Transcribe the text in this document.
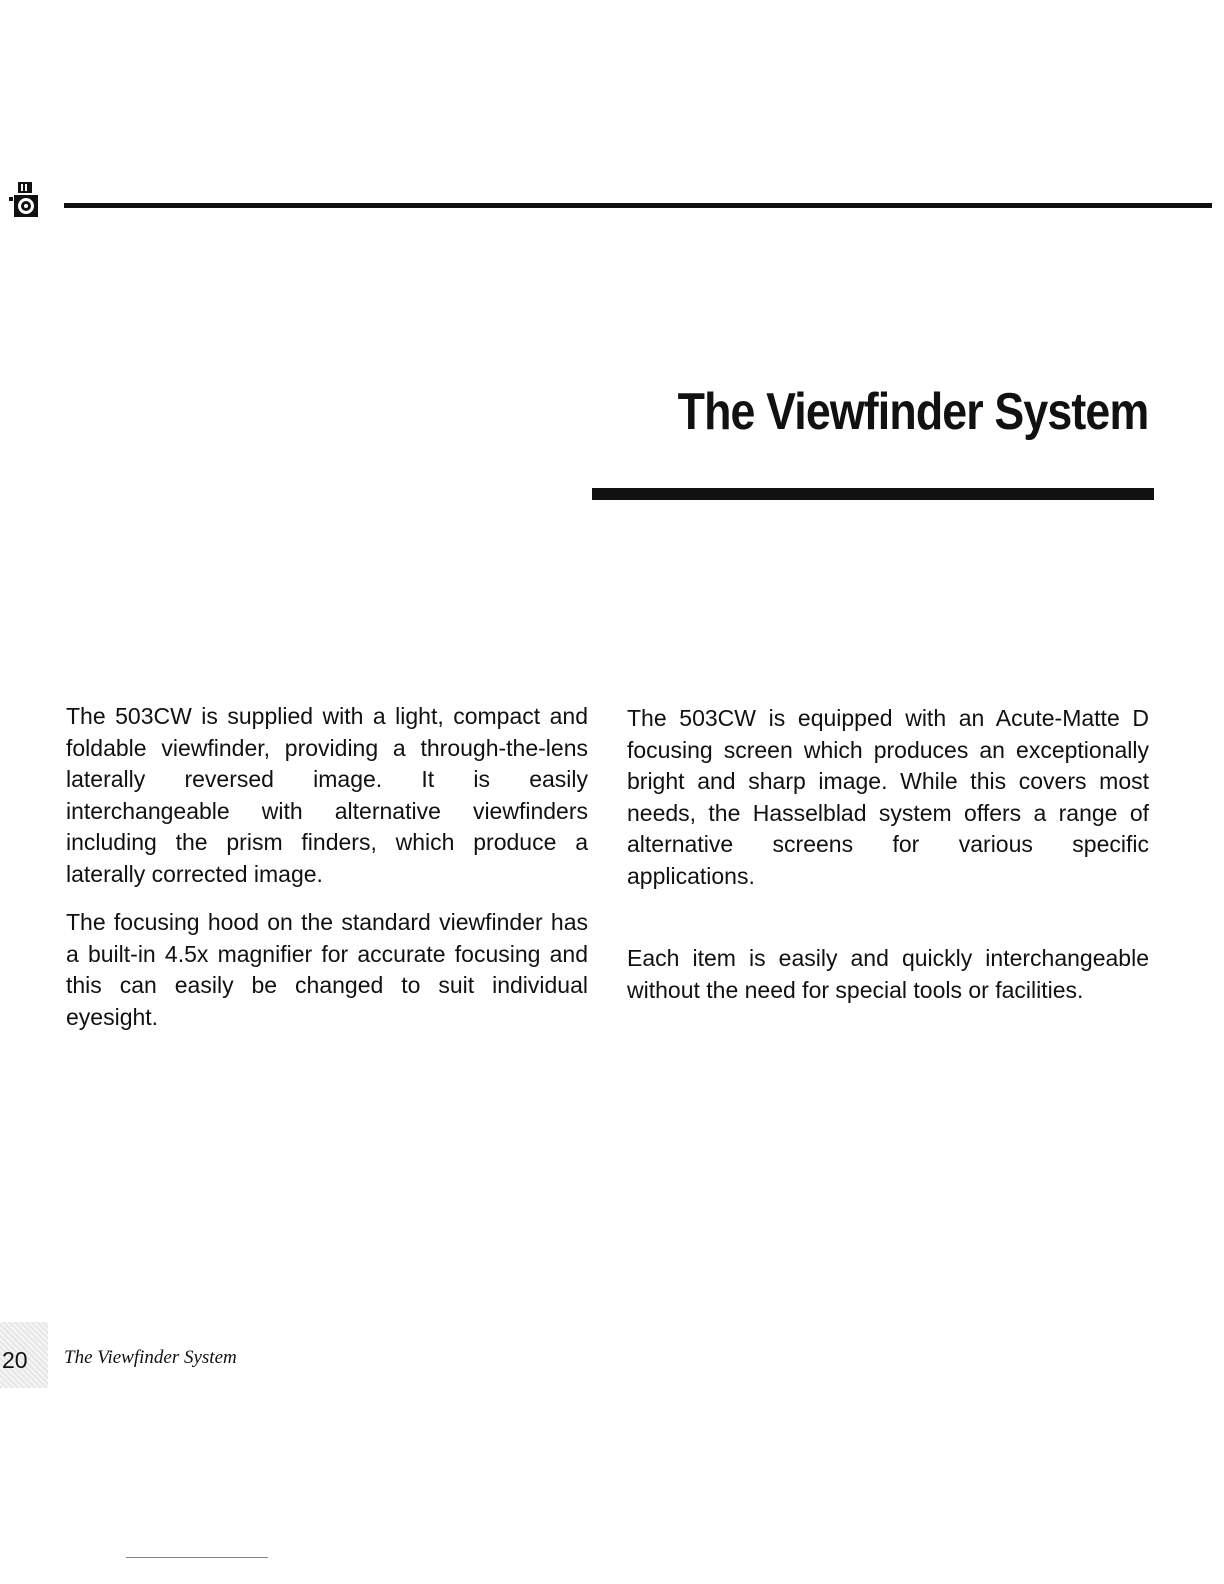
The Viewfinder System

The 503CW is supplied with a light, compact and foldable viewfinder, providing a through-the-lens laterally reversed image. It is easily interchangeable with alternative viewfinders including the prism finders, which produce a laterally corrected image.

The focusing hood on the standard viewfinder has a built-in 4.5x magnifier for accurate focusing and this can easily be changed to suit individual eyesight.

The 503CW is equipped with an Acute-Matte D focusing screen which produces an exceptionally bright and sharp image. While this covers most needs, the Hasselblad system offers a range of alternative screens for various specific applications.

Each item is easily and quickly interchangeable without the need for special tools or facilities.

20 The Viewfinder System
